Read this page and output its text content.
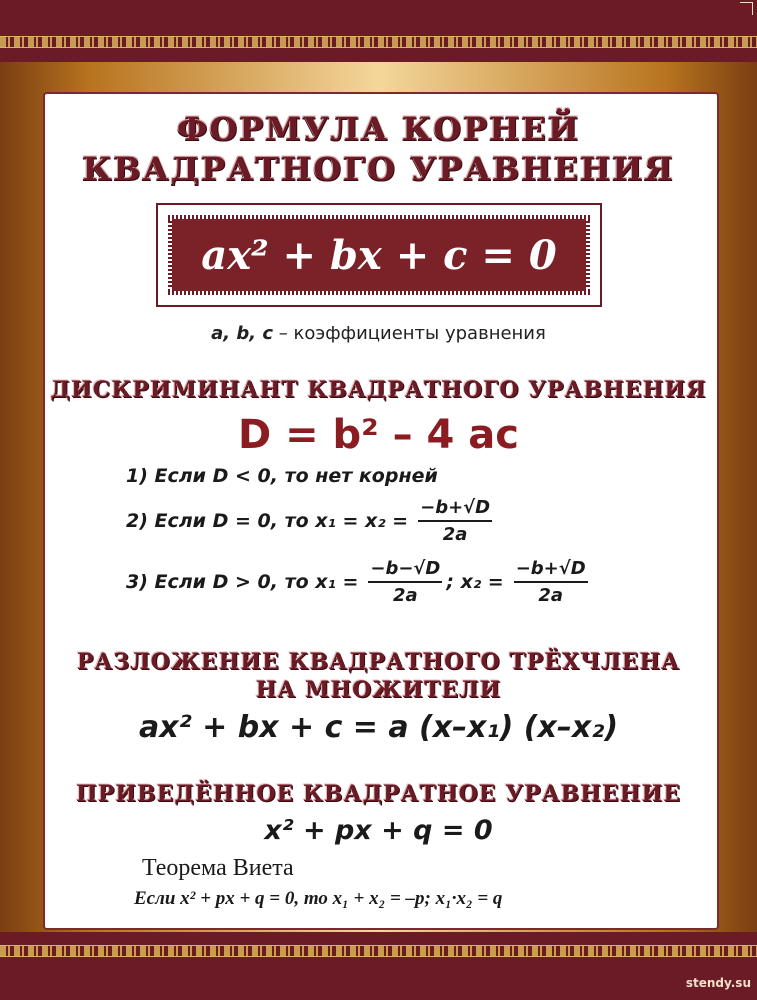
ФОРМУЛА КОРНЕЙ
КВАДРАТНОГО УРАВНЕНИЯ
ax² + bx + c = 0
a, b, c – коэффициенты уравнения
ДИСКРИМИНАНТ КВАДРАТНОГО УРАВНЕНИЯ
D = b² – 4 ac
1) Если D < 0, то нет корней
2) Если D = 0, то $x_1 = x_2 = \frac{-b+√D}{2a}$
3) Если D > 0, то $x_1 = \frac{-b-√D}{2a}$ ; $x_2 = \frac{-b+√D}{2a}$
РАЗЛОЖЕНИЕ КВАДРАТНОГО ТРЁХЧЛЕНА
НА МНОЖИТЕЛИ
ax² + bx + c = a (x–x₁) (x–x₂)
ПРИВЕДЁННОЕ КВАДРАТНОЕ УРАВНЕНИЕ
x² + px + q = 0
Теорема Виета
Если x² + px + q = 0, то x₁ + x₂ = –p; x₁·x₂ = q
stendy.su
